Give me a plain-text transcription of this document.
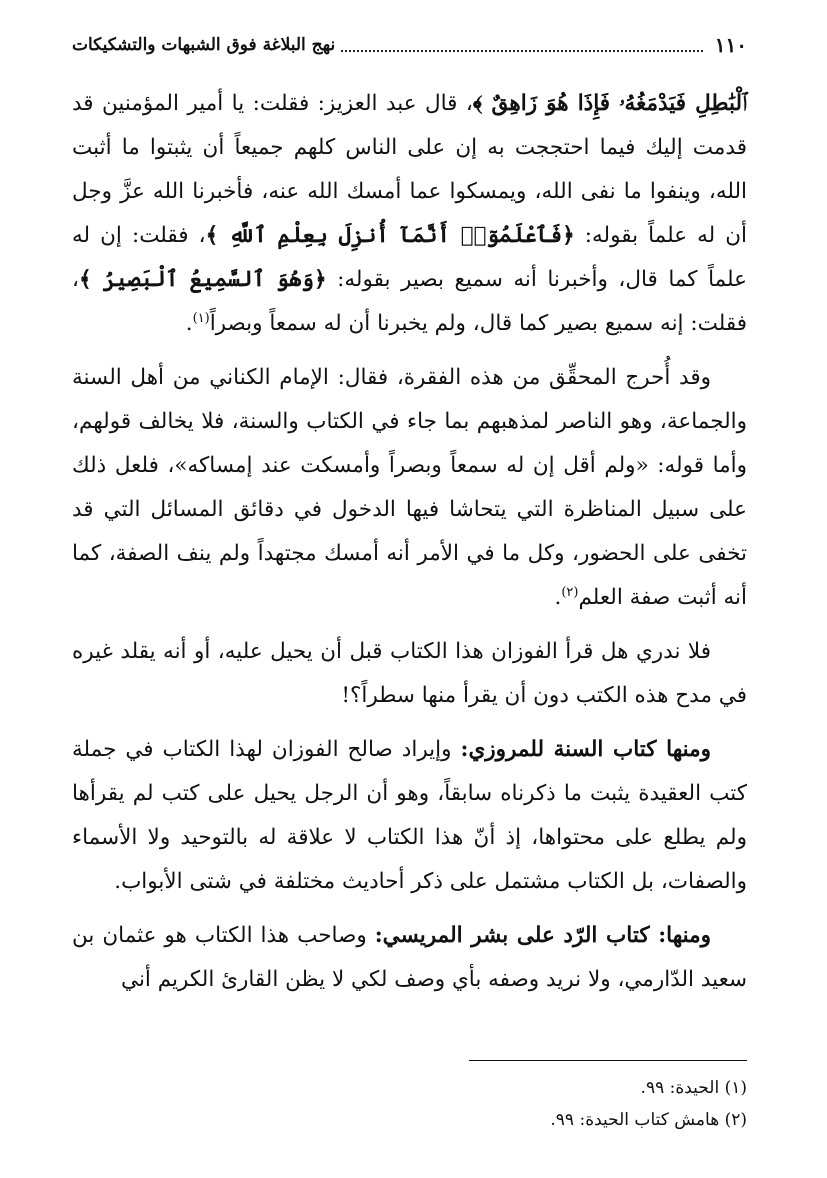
١١٠
نهج البلاغة فوق الشبهات والتشكيكات

ٱلْبَٰطِلِ فَيَدْمَغُهُۥ فَإِذَا هُوَ زَاهِقٌ ﴾، قال عبد العزيز: فقلت: يا أمير المؤمنين قد قدمت إليك فيما احتججت به إن على الناس كلهم جميعاً أن يثبتوا ما أثبت الله، وينفوا ما نفى الله، ويمسكوا عما أمسك الله عنه، فأخبرنا الله عزَّ وجل أن له علماً بقوله: ﴿فَٱعْلَمُوٓا۟ أَنَّمَآ أُنزِلَ بِعِلْمِ ٱللَّهِ ﴾، فقلت: إن له علماً كما قال، وأخبرنا أنه سميع بصير بقوله: ﴿وَهُوَ ٱلسَّمِيعُ ٱلْبَصِيرُ ﴾، فقلت: إنه سميع بصير كما قال، ولم يخبرنا أن له سمعاً وبصراً$^{(١)}$.

وقد أُحرج المحقِّق من هذه الفقرة، فقال: الإمام الكناني من أهل السنة والجماعة، وهو الناصر لمذهبهم بما جاء في الكتاب والسنة، فلا يخالف قولهم، وأما قوله: «ولم أقل إن له سمعاً وبصراً وأمسكت عند إمساكه»، فلعل ذلك على سبيل المناظرة التي يتحاشا فيها الدخول في دقائق المسائل التي قد تخفى على الحضور، وكل ما في الأمر أنه أمسك مجتهداً ولم ينف الصفة، كما أنه أثبت صفة العلم$^{(٢)}$.

فلا ندري هل قرأ الفوزان هذا الكتاب قبل أن يحيل عليه، أو أنه يقلد غيره في مدح هذه الكتب دون أن يقرأ منها سطراً؟!

ومنها كتاب السنة للمروزي: وإيراد صالح الفوزان لهذا الكتاب في جملة كتب العقيدة يثبت ما ذكرناه سابقاً، وهو أن الرجل يحيل على كتب لم يقرأها ولم يطلع على محتواها، إذ أنّ هذا الكتاب لا علاقة له بالتوحيد ولا الأسماء والصفات، بل الكتاب مشتمل على ذكر أحاديث مختلفة في شتى الأبواب.

ومنها: كتاب الرّد على بشر المريسي: وصاحب هذا الكتاب هو عثمان بن سعيد الدّارمي، ولا نريد وصفه بأي وصف لكي لا يظن القارئ الكريم أني

(١) الحيدة: ٩٩.
(٢) هامش كتاب الحيدة: ٩٩.
